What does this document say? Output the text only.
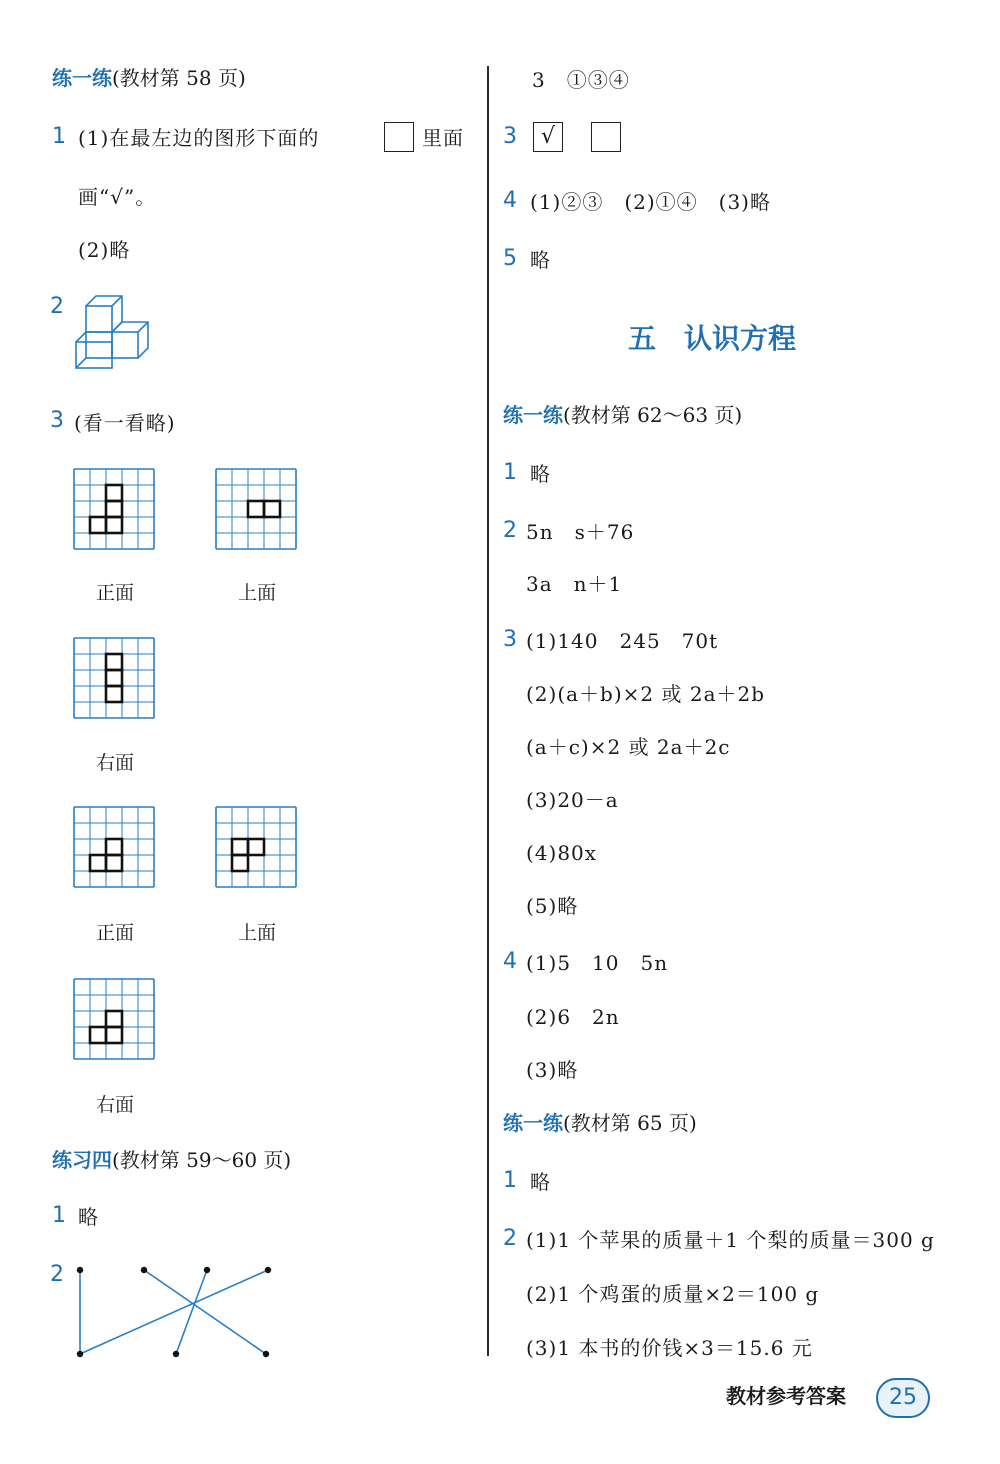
练一练(教材第 58 页)
1 (1)在最左边的图形下面的	里面
画“√”。
(2)略
2
3 (看一看略)
正面	上面
右面
正面	上面
右面
练习四(教材第 59～60 页)
1 略
2
3　①③④
3	√
4 (1)②③　(2)①④　(3)略
5 略
五　认识方程
练一练(教材第 62～63 页)
1 略
2 5n　s＋76
3a　n＋1
3 (1)140　245　70t
(2)(a＋b)×2 或 2a＋2b
(a＋c)×2 或 2a＋2c
(3)20－a
(4)80x
(5)略
4 (1)5　10　5n
(2)6　2n
(3)略
练一练(教材第 65 页)
1 略
2 (1)1 个苹果的质量＋1 个梨的质量＝300 g
(2)1 个鸡蛋的质量×2＝100 g
(3)1 本书的价钱×3＝15.6 元
教材参考答案	25
